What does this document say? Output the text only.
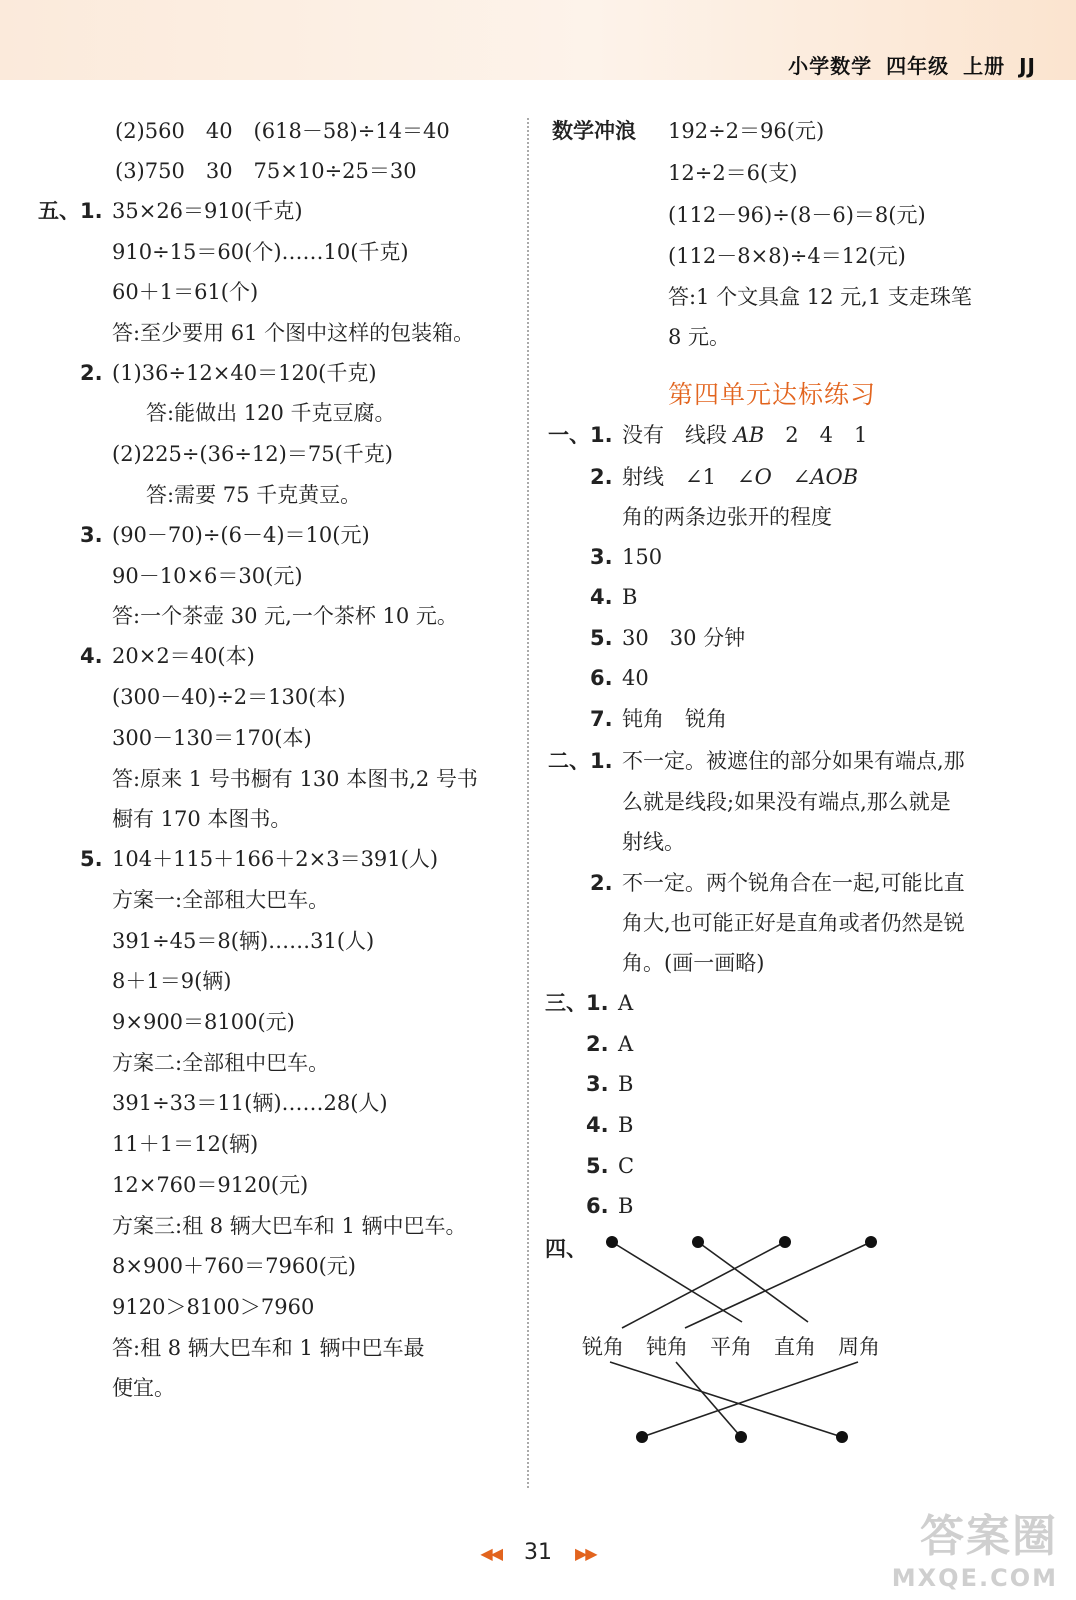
小学数学 四年级 上册 JJ
(2)560　40　(618－58)÷14＝40
(3)750　30　75×10÷25＝30
五、 1. 35×26＝910(千克)
910÷15＝60(个)……10(千克)
60＋1＝61(个)
答:至少要用 61 个图中这样的包装箱。
2. (1)36÷12×40＝120(千克)
答:能做出 120 千克豆腐。
(2)225÷(36÷12)＝75(千克)
答:需要 75 千克黄豆。
3. (90－70)÷(6－4)＝10(元)
90－10×6＝30(元)
答:一个茶壶 30 元,一个茶杯 10 元。
4. 20×2＝40(本)
(300－40)÷2＝130(本)
300－130＝170(本)
答:原来 1 号书橱有 130 本图书,2 号书
橱有 170 本图书。
5. 104＋115＋166＋2×3＝391(人)
方案一:全部租大巴车。
391÷45＝8(辆)……31(人)
8＋1＝9(辆)
9×900＝8100(元)
方案二:全部租中巴车。
391÷33＝11(辆)……28(人)
11＋1＝12(辆)
12×760＝9120(元)
方案三:租 8 辆大巴车和 1 辆中巴车。
8×900＋760＝7960(元)
9120＞8100＞7960
答:租 8 辆大巴车和 1 辆中巴车最
便宜。
数学冲浪 192÷2＝96(元)
12÷2＝6(支)
(112－96)÷(8－6)＝8(元)
(112－8×8)÷4＝12(元)
答:1 个文具盒 12 元,1 支走珠笔
8 元。
第四单元达标练习
一、 1. 没有　线段 AB　2　4　1
2. 射线　∠1　∠O　∠AOB
角的两条边张开的程度
3. 150
4. B
5. 30　30 分钟
6. 40
7. 钝角　锐角
二、 1. 不一定。被遮住的部分如果有端点,那
么就是线段;如果没有端点,那么就是
射线。
2. 不一定。两个锐角合在一起,可能比直
角大,也可能正好是直角或者仍然是锐
角。(画一画略)
三、 1. A
2. A
3. B
4. B
5. C
6. B
四、
锐角 钝角 平角 直角 周角
◀◀ 31 ▶▶	答案圈
MXQE.COM
